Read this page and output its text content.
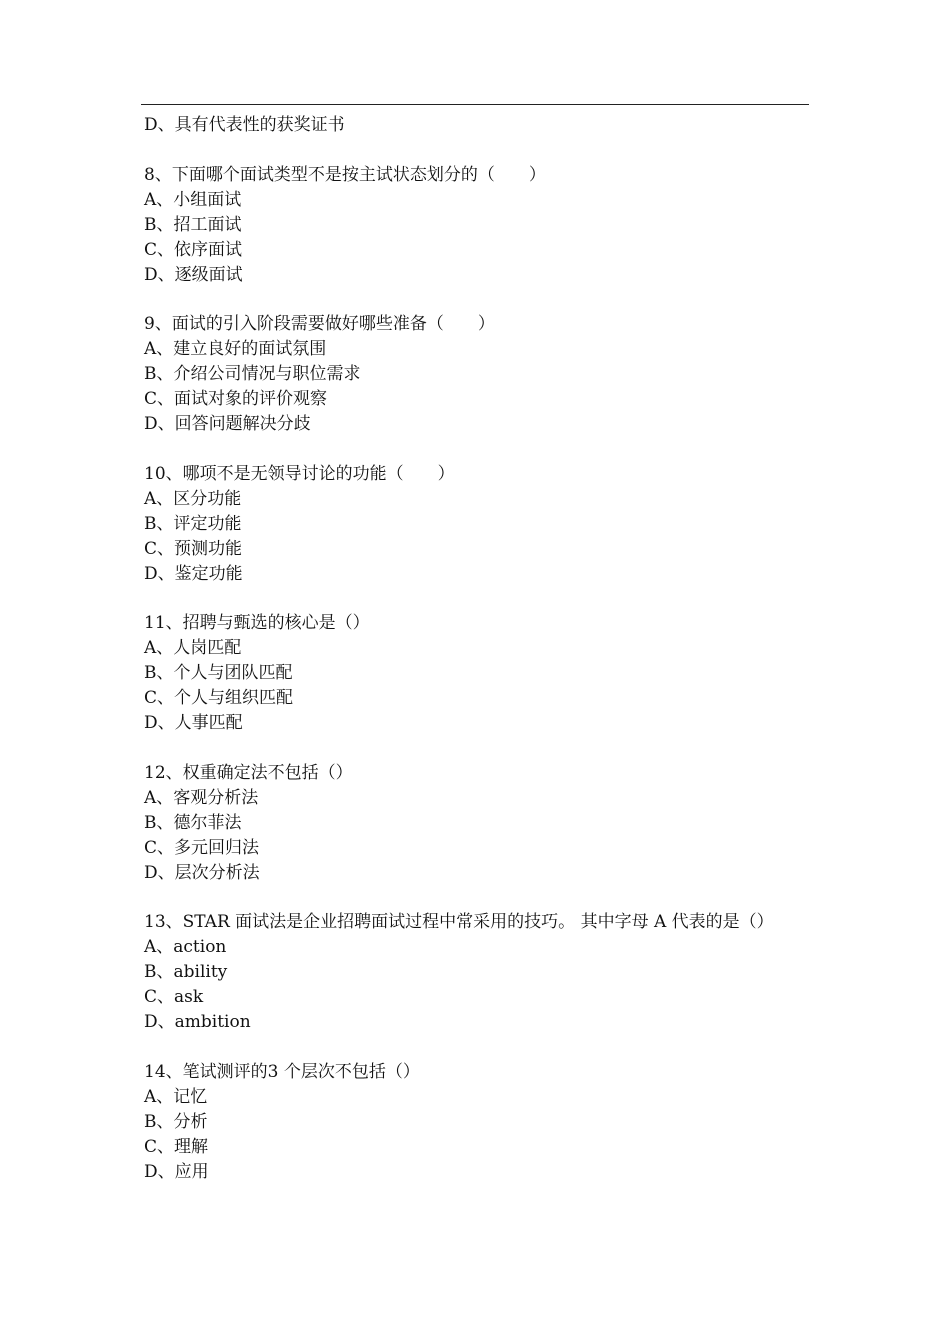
D、具有代表性的获奖证书
8、下面哪个面试类型不是按主试状态划分的（　　）
A、小组面试
B、招工面试
C、依序面试
D、逐级面试
9、面试的引入阶段需要做好哪些准备（　　）
A、建立良好的面试氛围
B、介绍公司情况与职位需求
C、面试对象的评价观察
D、回答问题解决分歧
10、哪项不是无领导讨论的功能（　　）
A、区分功能
B、评定功能
C、预测功能
D、鉴定功能
11、招聘与甄选的核心是（）
A、人岗匹配
B、个人与团队匹配
C、个人与组织匹配
D、人事匹配
12、权重确定法不包括（）
A、客观分析法
B、德尔菲法
C、多元回归法
D、层次分析法
13、STAR 面试法是企业招聘面试过程中常采用的技巧。 其中字母 A 代表的是（）
A、action
B、ability
C、ask
D、ambition
14、笔试测评的3 个层次不包括（）
A、记忆
B、分析
C、理解
D、应用
